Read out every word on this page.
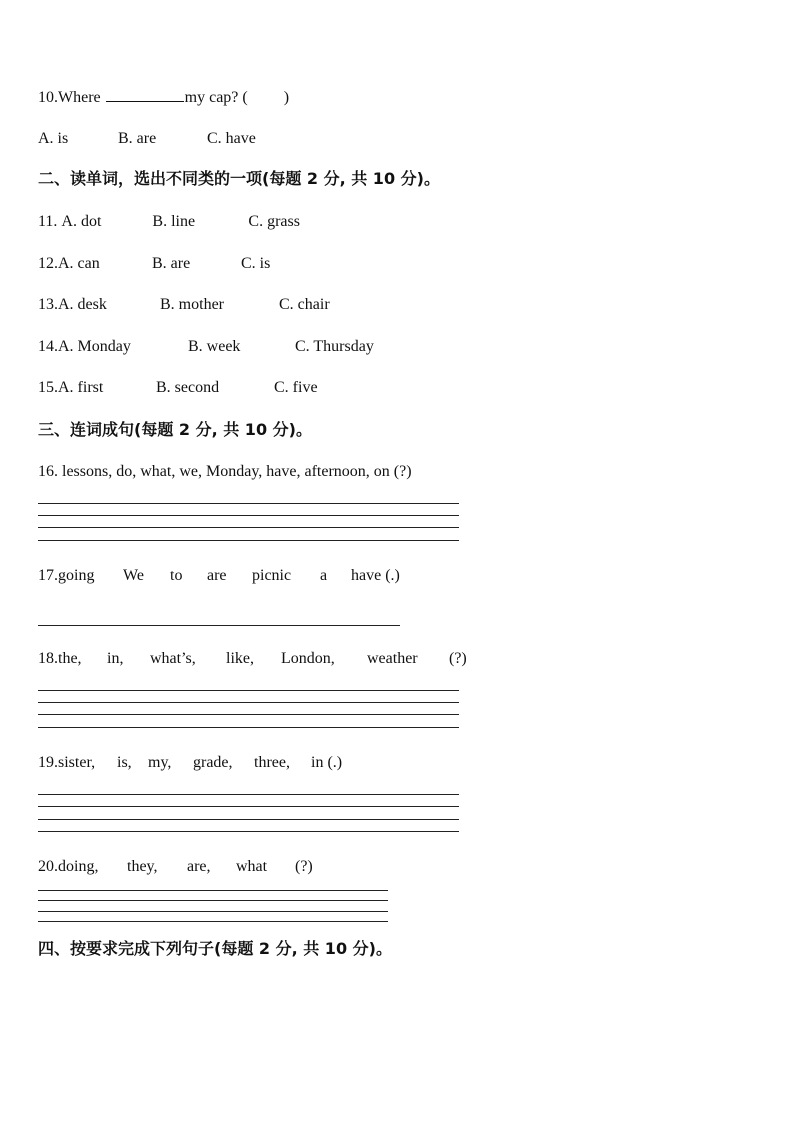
10.Where	my cap? ( )
A. is	B. are	C. have
二、读单词，选出不同类的一项(每题 2 分, 共 10 分)。
11. A. dot	B. line	C. grass
12.A. can	B. are	C. is
13.A. desk	B. mother	C. chair
14.A. Monday	B. week	C. Thursday
15.A. first	B. second	C. five
三、连词成句(每题 2 分, 共 10 分)。
16. lessons, do, what, we, Monday, have, afternoon, on (?)
17.going We to are picnic a have (.)
18.the, in, what’s, like, London, weather (?)
19.sister, is, my, grade, three, in (.)
20.doing, they, are, what (?)
四、按要求完成下列句子(每题 2 分, 共 10 分)。
